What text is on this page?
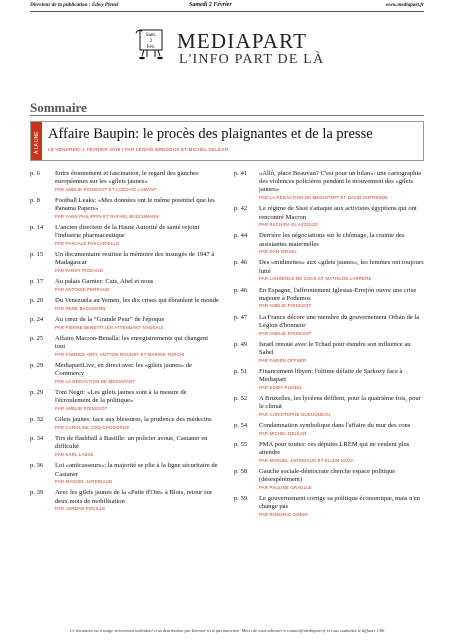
Directeur de la publication : Edwy Plenel	Samedi 2 Février	www.mediapart.fr
Sam.
2
Fév. MEDIAPART
L'INFO PART DE LÀ
Sommaire
À LA UNE Affaire Baupin: le procès des plaignantes et de la presse
LE VENDREDI 1 FÉVRIER 2019 | PAR LÉNAÏG BREDOUX ET MICHEL DELÉAN
p. 6 Entre étonnement et fascination, le regard des gauches européennes sur les «gilets jaunes»
PAR AMÉLIE POINSSOT ET LUDOVIC LAMANT
p. 8 Football Leaks: «Mes données ont le même potentiel que les Panama Papers»
PAR YANN PHILIPPIN ET RAFAEL BUSCHMANN
p. 14 L'ancien directeur de la Haute Autorité de santé rejoint l'industrie pharmaceutique
PAR PASCALE PASCARIELLO
p. 15 Un documentaire restitue la mémoire des insurgés de 1947 à Madagascar
PAR FANNY PIGEAUD
p. 17 Au palais Garnier: Cats, Abel et nous
PAR ANTOINE PERRAUD
p. 20 Du Venezuela au Yemen, les dix crises qui ébranlent le monde
PAR RENÉ BACKMANN
p. 24 Au cœur de la “Grande Peur” de l'époque
PAR PIERRE BENETTI (EN ATTENDANT NADEAU)
p. 25 Affaire Macron-Benalla: les enregistrements qui changent tout
PAR FABRICE ARFI, ANTTON ROUGET ET MARINE TURCHI
p. 29 MediapartLive, en direct avec les «gilets jaunes» de Commercy
PAR LA RÉDACTION DE MEDIAPART
p. 29 Toni Negri: «Les gilets jaunes sont à la mesure de l'écroulement de la politique»
PAR AMÉLIE POINSSOT
p. 32 Gilets jaunes: face aux blessures, la prudence des médecins
PAR CAROLINE COQ-CHODORGE
p. 34 Tirs de flashball à Bastille: un policier avoue, Castaner en difficulté
PAR KARL LASKE
p. 36 Loi «anticasseurs»: la majorité se plie à la ligne sécuritaire de Castaner
PAR MANUEL JARDINAUD
p. 39 Avec les gilets jaunes de la «Patte d'Oie» à Blois, retour sur deux mois de mobilisation
PAR JORDAN POUILLE
p. 41 «Allô, place Beauvau? C'est pour un bilan»: une cartographie des violences policières pendant le mouvement des «gilets jaunes»
PAR LA RÉDACTION DE MEDIAPART ET DAVID DUFRESNE
p. 42 Le régime de Sissi s'attaque aux activistes égyptiens qui ont rencontré Macron
PAR RACHIDA EL AZZOUZI
p. 44 Derrière les négociations sur le chômage, la crainte des assistantes maternelles
PAR DAN ISRAEL
p. 46 Des «midinettes» aux «gilets jaunes», les femmes ont toujours lutté
PAR LAURENCE DE COCK ET MATHILDE LARRÈRE
p. 46 En Espagne, l'affrontement Iglesias-Errejón ouvre une crise majeure à Podemos
PAR AMÉLIE POINSSOT
p. 47 La France décore une membre du gouvernement Orbán de la Légion d'honneur
PAR AMÉLIE POINSSOT
p. 49 Israël renoue avec le Tchad pour étendre son influence au Sahel
PAR FABIEN OFFNER
p. 51 Financement libyen: l'ultime défaite de Sarkozy face à Mediapart
PAR EDWY PLENEL
p. 52 A Bruxelles, les lycéens défilent, pour la quatrième fois, pour le climat
PAR CHRISTOPHE GUEUGNEAU
p. 54 Condamnation symbolique dans l'affaire du mur des cons
PAR MICHEL DELÉAN
p. 55 PMA pour toutes: ces députés LREM qui ne veulent plus attendre
PAR MANUEL JARDINAUD ET ELLEN SALVI
p. 58 Gauche sociale-démocrate cherche espace politique (désespérément)
PAR PAULINE GRAULLE
p. 59 Le gouvernement corrige sa politique économique, mais n'en change pas
PAR ROMARIC GODIN
Ce document est à usage strictement individuel et sa distribution par Internet n'est pas autorisée. Merci de vous adresser à contact@mediapart.fr si vous souhaitez le diffuser 1/86
